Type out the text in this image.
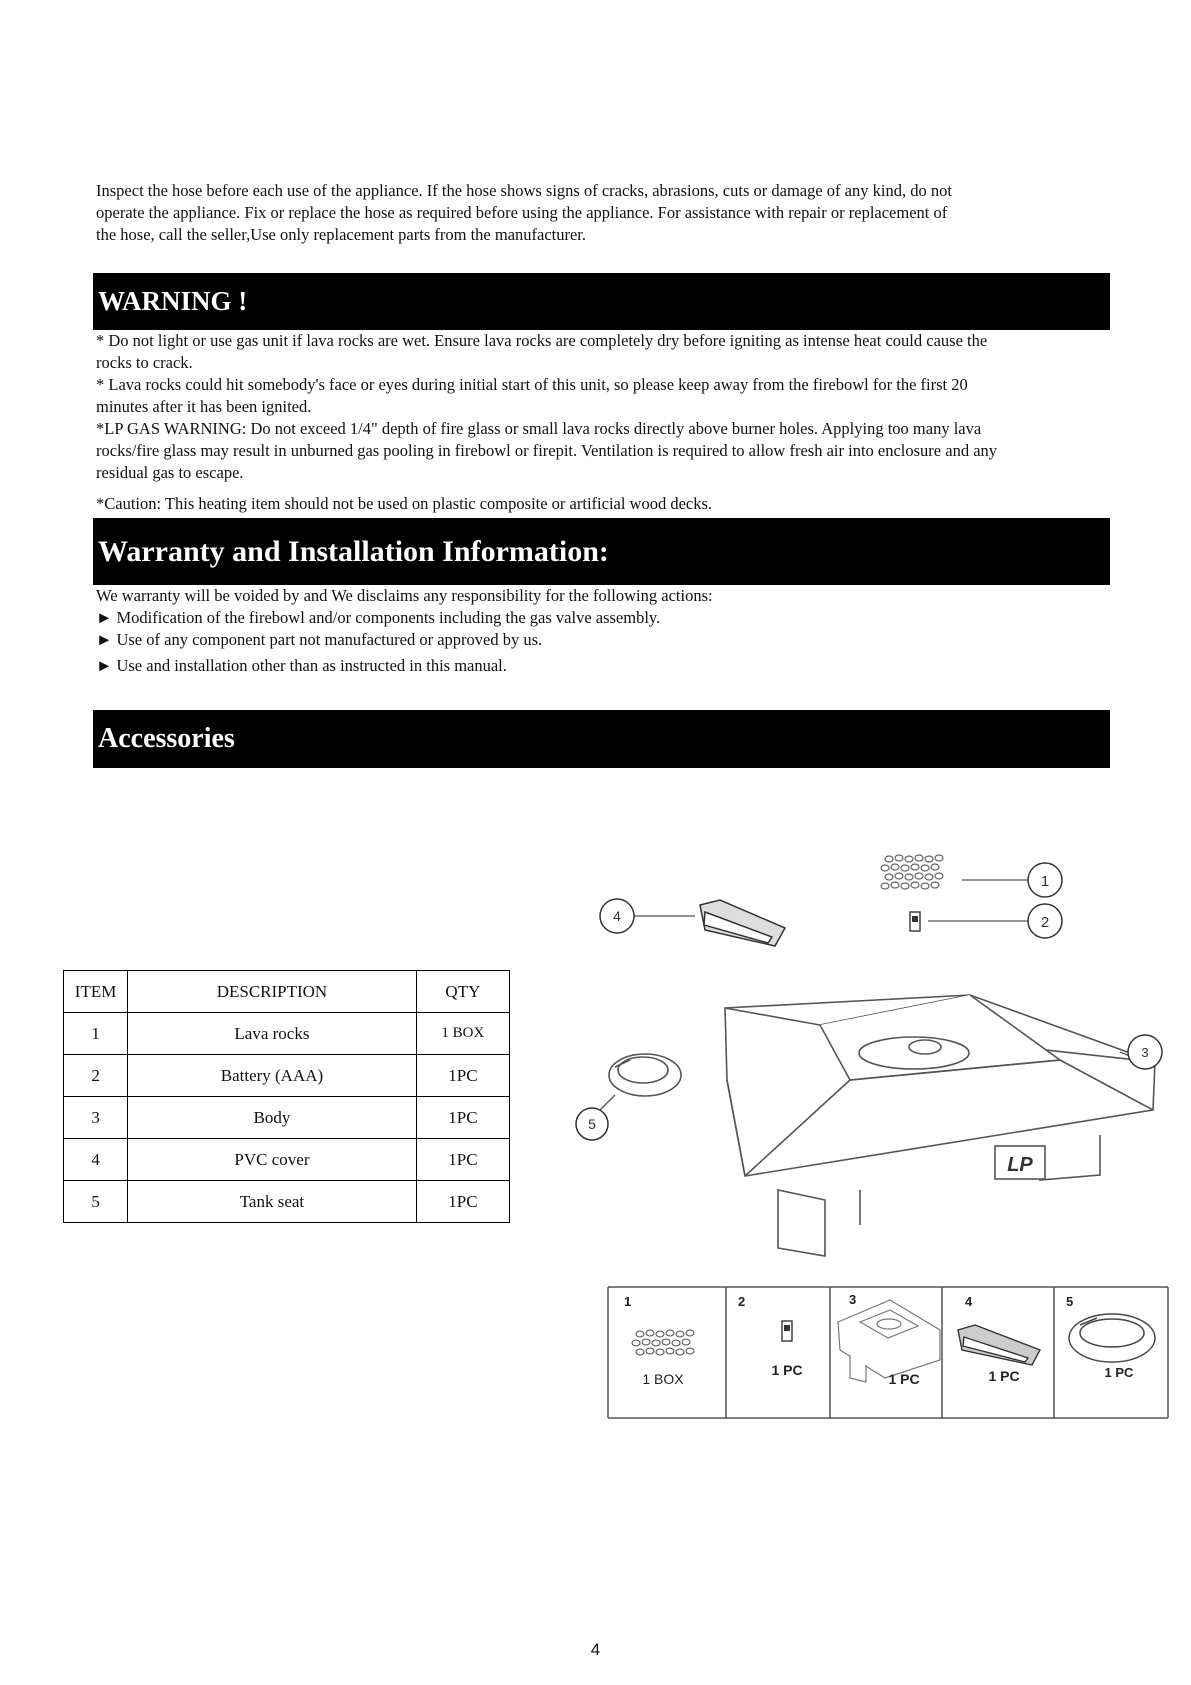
Inspect the hose before each use of the appliance. If the hose shows signs of cracks, abrasions, cuts or damage of any kind, do not
operate the appliance. Fix or replace the hose as required before using the appliance. For assistance with repair or replacement of
the hose, call the seller,Use only replacement parts from the manufacturer.
WARNING !
* Do not light or use gas unit if lava rocks are wet. Ensure lava rocks are completely dry before igniting as intense heat could cause the
rocks to crack.
* Lava rocks could hit somebody's face or eyes during initial start of this unit, so please keep away from the firebowl for the first 20
minutes after it has been ignited.
*LP GAS WARNING: Do not exceed 1/4" depth of fire glass or small lava rocks directly above burner holes. Applying too many lava
rocks/fire glass may result in unburned gas pooling in firebowl or firepit. Ventilation is required to allow fresh air into enclosure and any
residual gas to escape.
*Caution: This heating item should not be used on plastic composite or artificial wood decks.
Warranty and Installation Information:
We warranty will be voided by and We disclaims any responsibility for the following actions:
► Modification of the firebowl and/or components including the gas valve assembly.
► Use of any component part not manufactured or approved by us.
► Use and installation other than as instructed in this manual.
Accessories
ITEM	DESCRIPTION	QTY
1	Lava rocks	1 BOX
2	Battery (AAA)	1PC
3	Body	1PC
4	PVC cover	1PC
5	Tank seat	1PC
LP
1
2
4
3
5
1	2	3	4	5
1 BOX
1 PC
1 PC	1 PC	1 PC
4
